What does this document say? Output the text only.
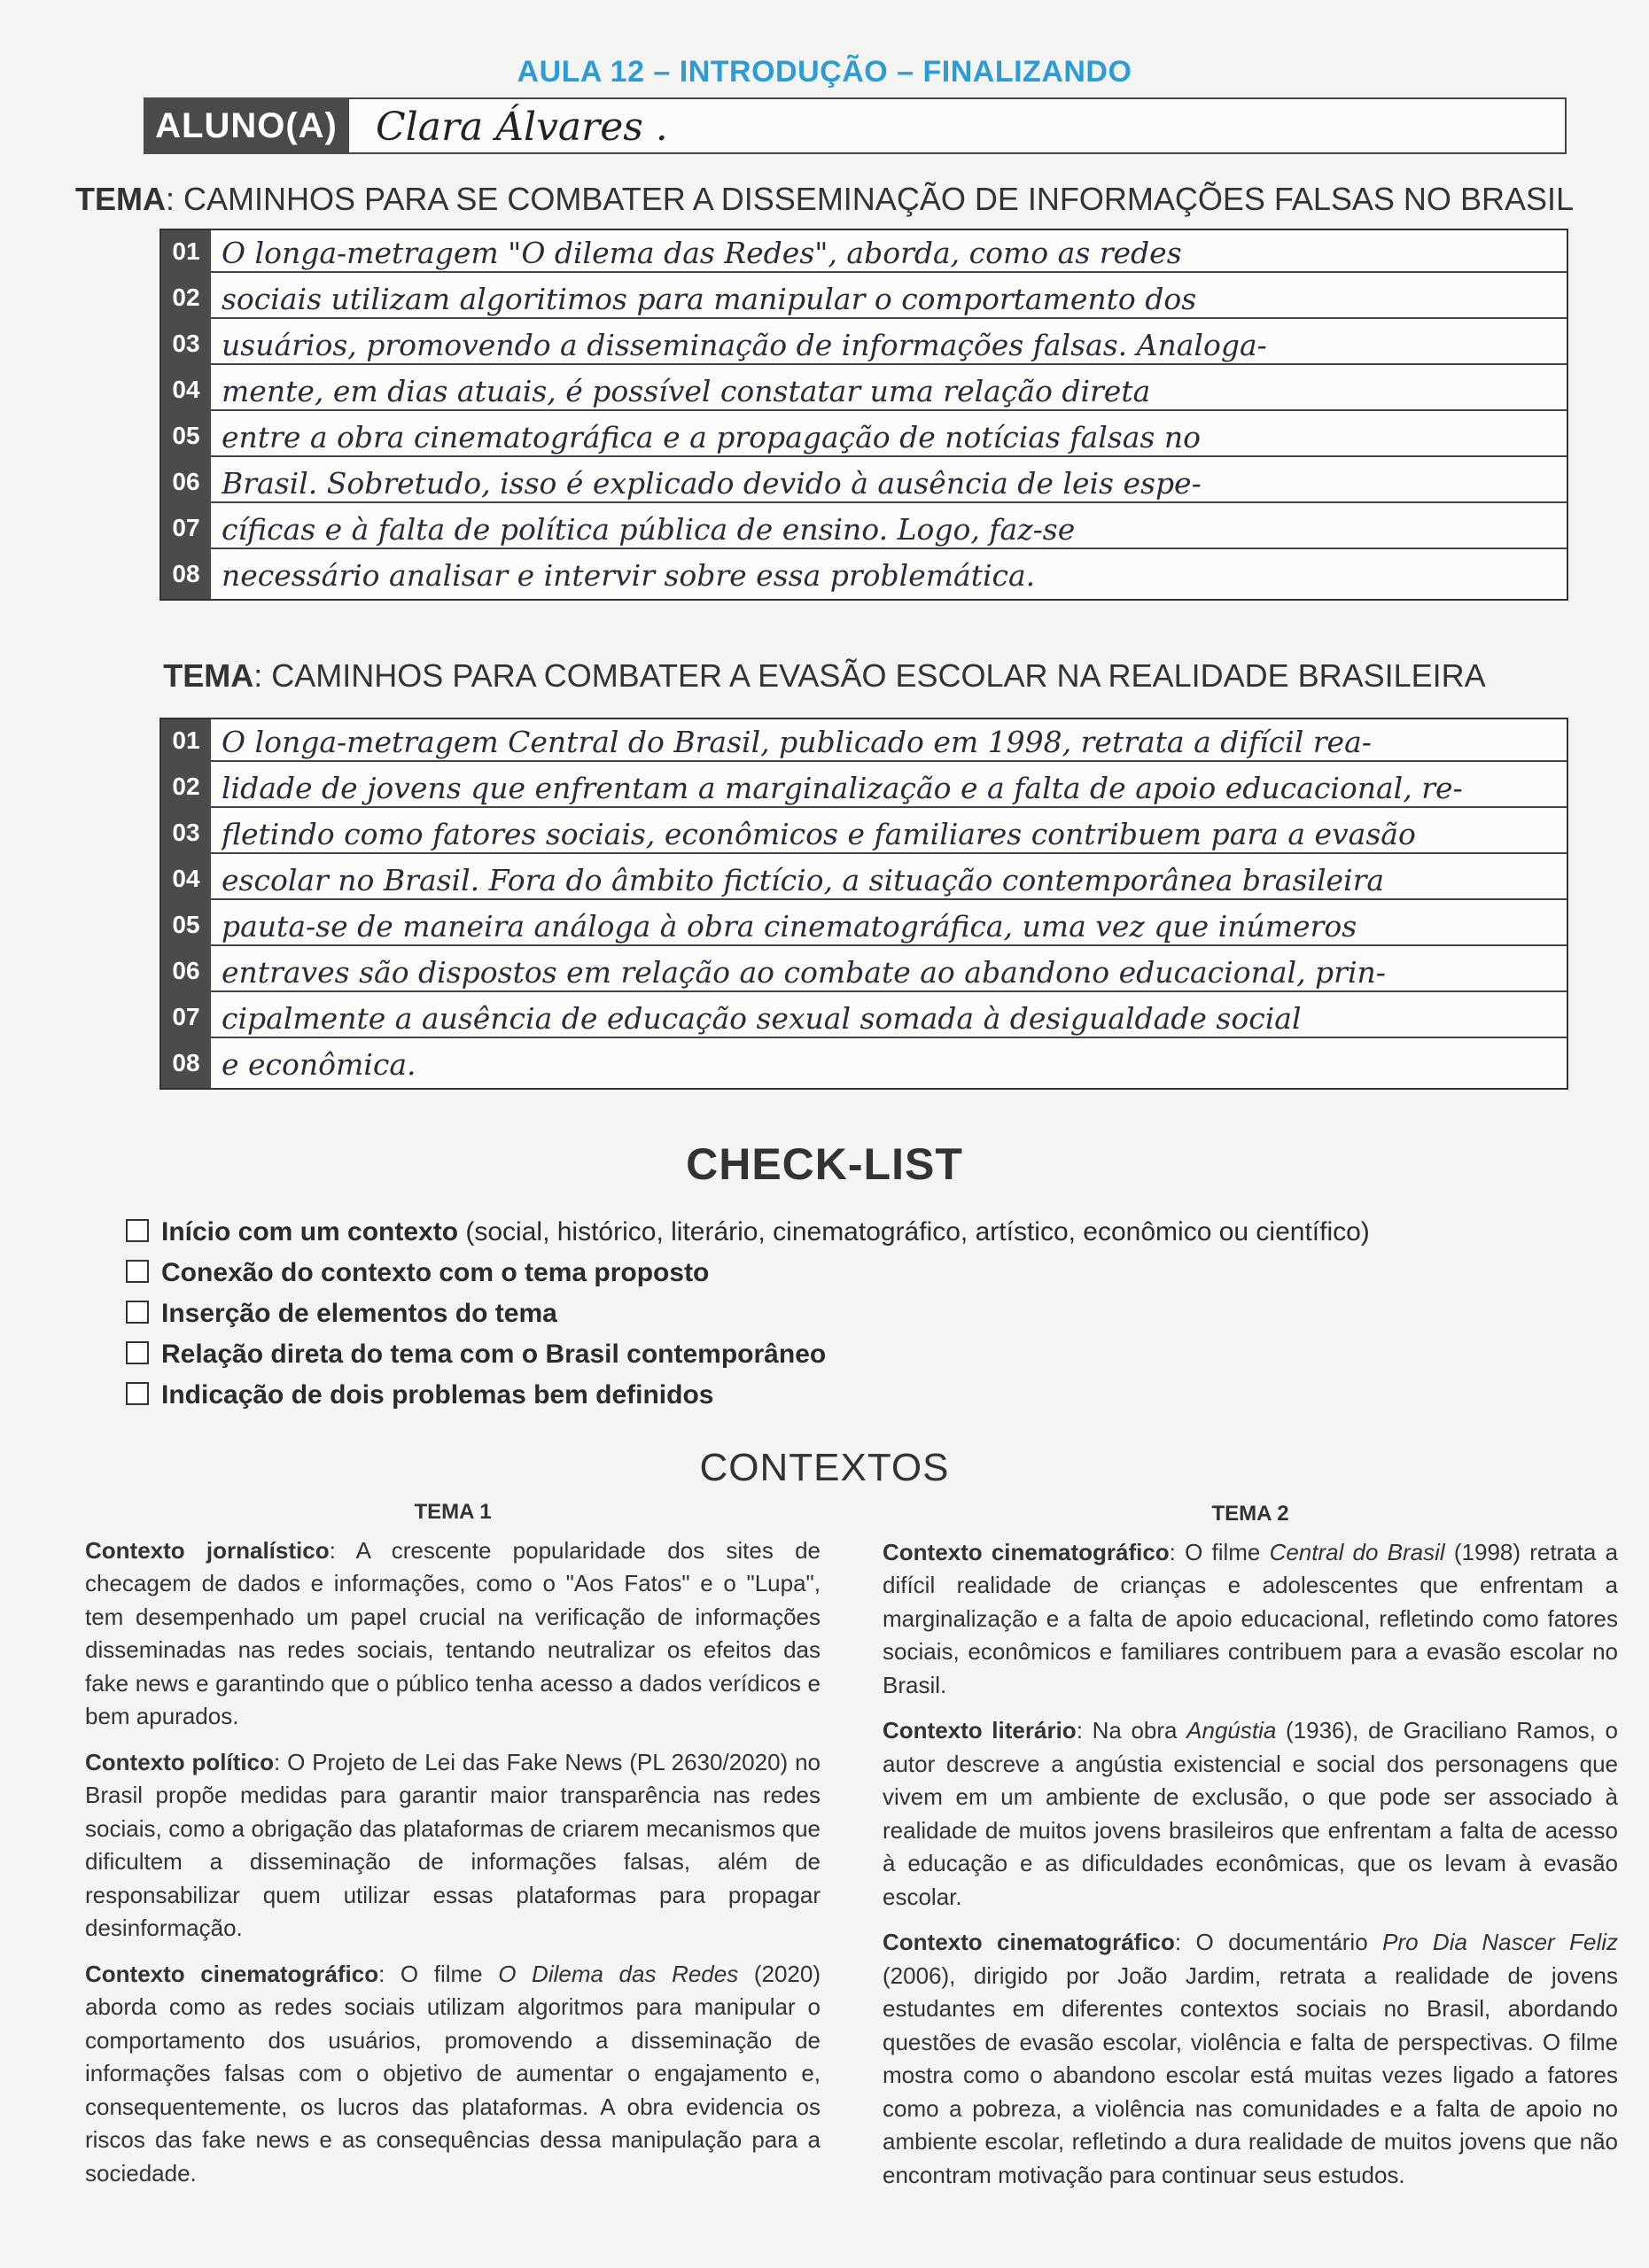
AULA 12 – INTRODUÇÃO – FINALIZANDO
ALUNO(A) Clara Álvares .
TEMA: CAMINHOS PARA SE COMBATER A DISSEMINAÇÃO DE INFORMAÇÕES FALSAS NO BRASIL
01
02
03
04
05
06
07
08
O longa-metragem "O dilema das Redes", aborda, como as redes
sociais utilizam algoritimos para manipular o comportamento dos
usuários, promovendo a disseminação de informações falsas. Analoga-
mente, em dias atuais, é possível constatar uma relação direta
entre a obra cinematográfica e a propagação de notícias falsas no
Brasil. Sobretudo, isso é explicado devido à ausência de leis espe-
cíficas e à falta de política pública de ensino. Logo, faz-se
necessário analisar e intervir sobre essa problemática.
TEMA: CAMINHOS PARA COMBATER A EVASÃO ESCOLAR NA REALIDADE BRASILEIRA
01
02
03
04
05
06
07
08
O longa-metragem Central do Brasil, publicado em 1998, retrata a difícil rea-
lidade de jovens que enfrentam a marginalização e a falta de apoio educacional, re-
fletindo como fatores sociais, econômicos e familiares contribuem para a evasão
escolar no Brasil. Fora do âmbito fictício, a situação contemporânea brasileira
pauta-se de maneira análoga à obra cinematográfica, uma vez que inúmeros
entraves são dispostos em relação ao combate ao abandono educacional, prin-
cipalmente a ausência de educação sexual somada à desigualdade social
e econômica.
CHECK-LIST
Início com um contexto (social, histórico, literário, cinematográfico, artístico, econômico ou científico)
Conexão do contexto com o tema proposto
Inserção de elementos do tema
Relação direta do tema com o Brasil contemporâneo
Indicação de dois problemas bem definidos
CONTEXTOS
TEMA 1

Contexto jornalístico: A crescente popularidade dos sites de checagem de dados e informações, como o "Aos Fatos" e o "Lupa", tem desempenhado um papel crucial na verificação de informações disseminadas nas redes sociais, tentando neutralizar os efeitos das fake news e garantindo que o público tenha acesso a dados verídicos e bem apurados.

Contexto político: O Projeto de Lei das Fake News (PL 2630/2020) no Brasil propõe medidas para garantir maior transparência nas redes sociais, como a obrigação das plataformas de criarem mecanismos que dificultem a disseminação de informações falsas, além de responsabilizar quem utilizar essas plataformas para propagar desinformação.

Contexto cinematográfico: O filme O Dilema das Redes (2020) aborda como as redes sociais utilizam algoritmos para manipular o comportamento dos usuários, promovendo a disseminação de informações falsas com o objetivo de aumentar o engajamento e, consequentemente, os lucros das plataformas. A obra evidencia os riscos das fake news e as consequências dessa manipulação para a sociedade.

TEMA 2

Contexto cinematográfico: O filme Central do Brasil (1998) retrata a difícil realidade de crianças e adolescentes que enfrentam a marginalização e a falta de apoio educacional, refletindo como fatores sociais, econômicos e familiares contribuem para a evasão escolar no Brasil.

Contexto literário: Na obra Angústia (1936), de Graciliano Ramos, o autor descreve a angústia existencial e social dos personagens que vivem em um ambiente de exclusão, o que pode ser associado à realidade de muitos jovens brasileiros que enfrentam a falta de acesso à educação e as dificuldades econômicas, que os levam à evasão escolar.

Contexto cinematográfico: O documentário Pro Dia Nascer Feliz (2006), dirigido por João Jardim, retrata a realidade de jovens estudantes em diferentes contextos sociais no Brasil, abordando questões de evasão escolar, violência e falta de perspectivas. O filme mostra como o abandono escolar está muitas vezes ligado a fatores como a pobreza, a violência nas comunidades e a falta de apoio no ambiente escolar, refletindo a dura realidade de muitos jovens que não encontram motivação para continuar seus estudos.
